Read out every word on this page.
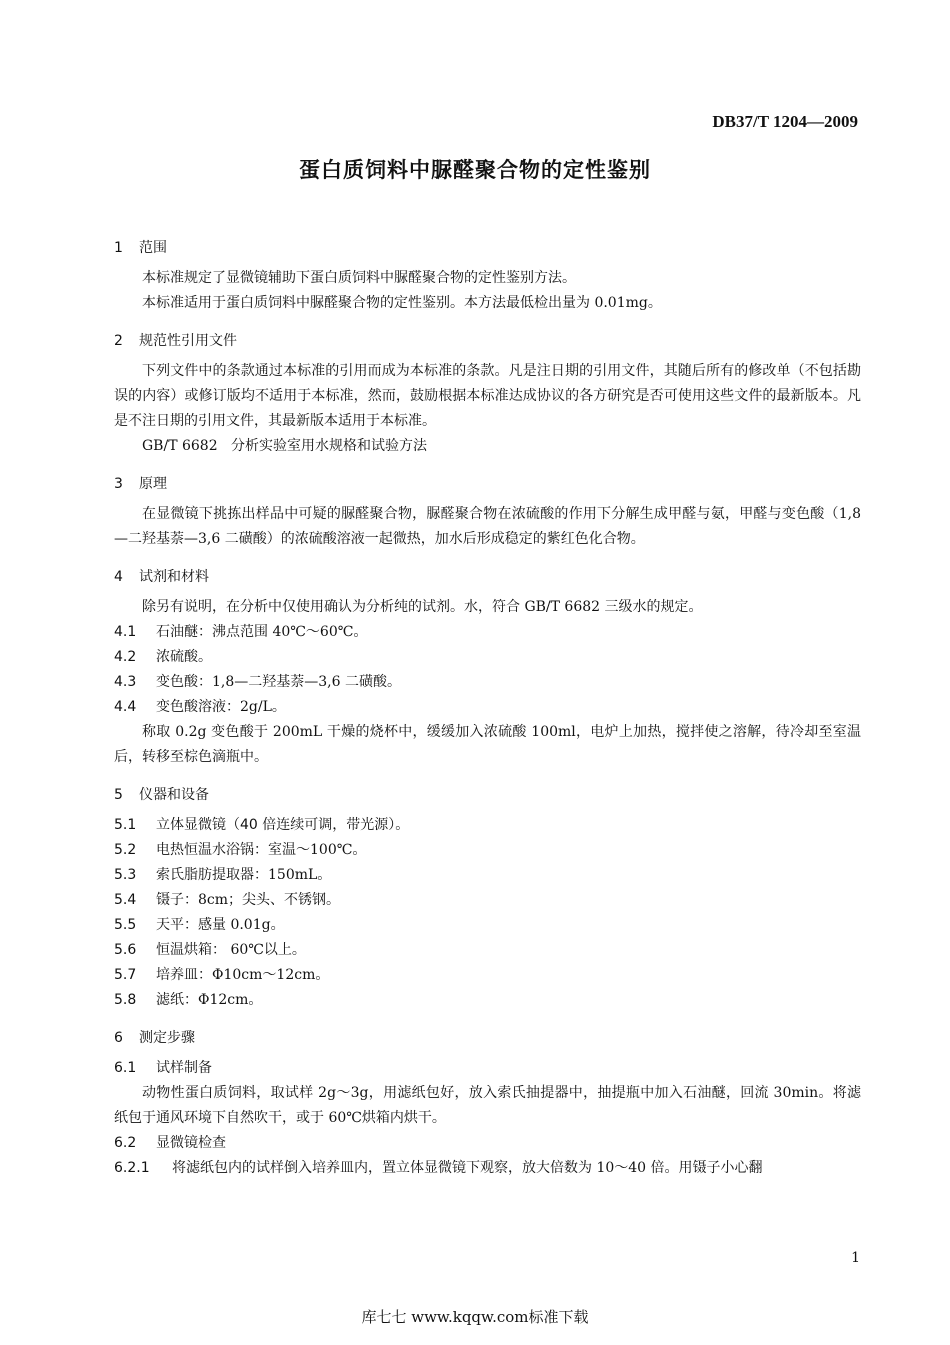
DB37/T 1204—2009
蛋白质饲料中脲醛聚合物的定性鉴别
1 范围
本标准规定了显微镜辅助下蛋白质饲料中脲醛聚合物的定性鉴别方法。
本标准适用于蛋白质饲料中脲醛聚合物的定性鉴别。本方法最低检出量为 0.01mg。
2 规范性引用文件
下列文件中的条款通过本标准的引用而成为本标准的条款。凡是注日期的引用文件，其随后所有的修改单（不包括勘误的内容）或修订版均不适用于本标准，然而，鼓励根据本标准达成协议的各方研究是否可使用这些文件的最新版本。凡是不注日期的引用文件，其最新版本适用于本标准。
GB/T 6682   分析实验室用水规格和试验方法
3 原理
在显微镜下挑拣出样品中可疑的脲醛聚合物，脲醛聚合物在浓硫酸的作用下分解生成甲醛与氨，甲醛与变色酸（1,8—二羟基萘—3,6 二磺酸）的浓硫酸溶液一起微热，加水后形成稳定的紫红色化合物。
4 试剂和材料
除另有说明，在分析中仅使用确认为分析纯的试剂。水，符合 GB/T 6682 三级水的规定。
4.1 石油醚：沸点范围 40℃～60℃。
4.2 浓硫酸。
4.3 变色酸：1,8—二羟基萘—3,6 二磺酸。
4.4 变色酸溶液：2g/L。
称取 0.2g 变色酸于 200mL 干燥的烧杯中，缓缓加入浓硫酸 100ml，电炉上加热，搅拌使之溶解，待冷却至室温后，转移至棕色滴瓶中。
5 仪器和设备
5.1 立体显微镜（40 倍连续可调，带光源）。
5.2 电热恒温水浴锅：室温～100℃。
5.3 索氏脂肪提取器：150mL。
5.4 镊子：8cm；尖头、不锈钢。
5.5 天平：感量 0.01g。
5.6 恒温烘箱： 60℃以上。
5.7 培养皿：Φ10cm～12cm。
5.8 滤纸：Φ12cm。
6 测定步骤
6.1 试样制备
动物性蛋白质饲料，取试样 2g～3g，用滤纸包好，放入索氏抽提器中，抽提瓶中加入石油醚，回流 30min。将滤纸包于通风环境下自然吹干，或于 60℃烘箱内烘干。
6.2 显微镜检查
6.2.1 将滤纸包内的试样倒入培养皿内，置立体显微镜下观察，放大倍数为 10～40 倍。用镊子小心翻
1
库七七 www.kqqw.com标准下载
